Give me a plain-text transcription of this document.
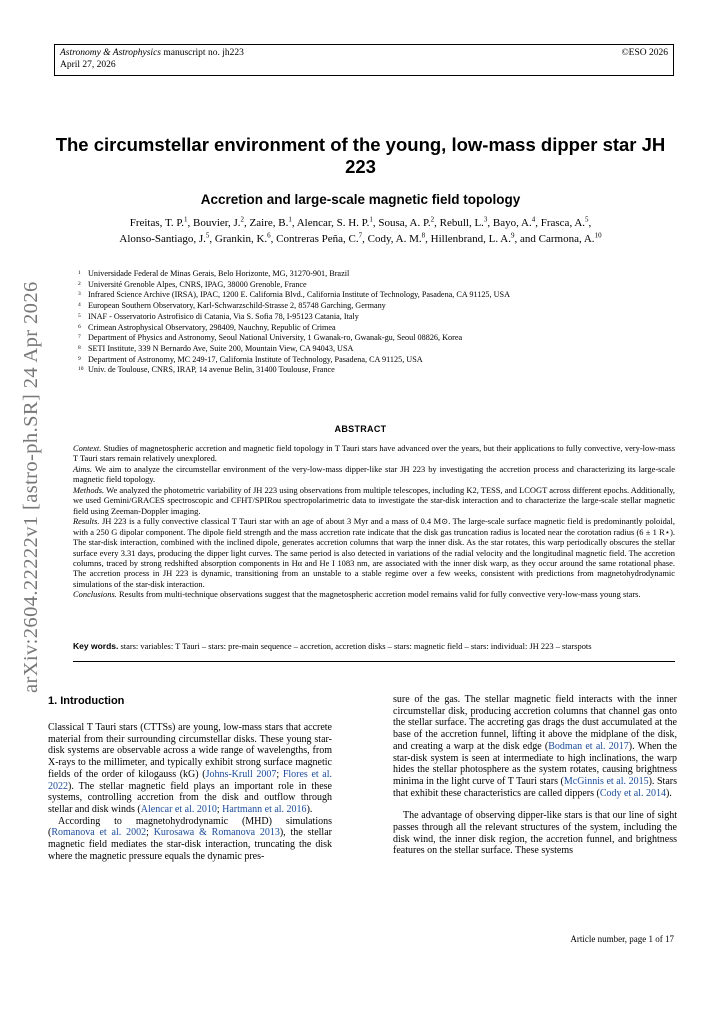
Astronomy & Astrophysics manuscript no. jh223
April 27, 2026
©ESO 2026
arXiv:2604.22222v1 [astro-ph.SR] 24 Apr 2026
The circumstellar environment of the young, low-mass dipper star JH 223
Accretion and large-scale magnetic field topology
Freitas, T. P.$^1$, Bouvier, J.$^2$, Zaire, B.$^1$, Alencar, S. H. P.$^1$, Sousa, A. P.$^2$, Rebull, L.$^3$, Bayo, A.$^4$, Frasca, A.$^5$,
Alonso-Santiago, J.$^5$, Grankin, K.$^6$, Contreras Peña, C.$^7$, Cody, A. M.$^8$, Hillenbrand, L. A.$^9$, and Carmona, A.$^{10}$
1 Universidade Federal de Minas Gerais, Belo Horizonte, MG, 31270-901, Brazil
2 Université Grenoble Alpes, CNRS, IPAG, 38000 Grenoble, France
3 Infrared Science Archive (IRSA), IPAC, 1200 E. California Blvd., California Institute of Technology, Pasadena, CA 91125, USA
4 European Southern Observatory, Karl-Schwarzschild-Strasse 2, 85748 Garching, Germany
5 INAF - Osservatorio Astrofisico di Catania, Via S. Sofia 78, I-95123 Catania, Italy
6 Crimean Astrophysical Observatory, 298409, Nauchny, Republic of Crimea
7 Department of Physics and Astronomy, Seoul National University, 1 Gwanak-ro, Gwanak-gu, Seoul 08826, Korea
8 SETI Institute, 339 N Bernardo Ave, Suite 200, Mountain View, CA 94043, USA
9 Department of Astronomy, MC 249-17, California Institute of Technology, Pasadena, CA 91125, USA
10 Univ. de Toulouse, CNRS, IRAP, 14 avenue Belin, 31400 Toulouse, France
ABSTRACT

Context. Studies of magnetospheric accretion and magnetic field topology in T Tauri stars have advanced over the years, but their applications to fully convective, very-low-mass T Tauri stars remain relatively unexplored.

Aims. We aim to analyze the circumstellar environment of the very-low-mass dipper-like star JH 223 by investigating the accretion process and characterizing its large-scale magnetic field topology.

Methods. We analyzed the photometric variability of JH 223 using observations from multiple telescopes, including K2, TESS, and LCOGT across different epochs. Additionally, we used Gemini/GRACES spectroscopic and CFHT/SPIRou spectropolarimetric data to investigate the star-disk interaction and to characterize the large-scale stellar magnetic field using Zeeman-Doppler imaging.

Results. JH 223 is a fully convective classical T Tauri star with an age of about 3 Myr and a mass of 0.4 M⊙. The large-scale surface magnetic field is predominantly poloidal, with a 250 G dipolar component. The dipole field strength and the mass accretion rate indicate that the disk gas truncation radius is located near the corotation radius (6 ± 1 R⋆). The star-disk interaction, combined with the inclined dipole, generates accretion columns that warp the inner disk. As the star rotates, this warp periodically obscures the stellar surface every 3.31 days, producing the dipper light curves. The same period is also detected in variations of the radial velocity and the longitudinal magnetic field. The accretion columns, traced by strong redshifted absorption components in Hα and He I 1083 nm, are associated with the inner disk warp, as they occur around the same rotational phase. The accretion process in JH 223 is dynamic, transitioning from an unstable to a stable regime over a few weeks, consistent with predictions from magnetohydrodynamic simulations of the star-disk interaction.

Conclusions. Results from multi-technique observations suggest that the magnetospheric accretion model remains valid for fully convective very-low-mass young stars.

Key words. stars: variables: T Tauri – stars: pre-main sequence – accretion, accretion disks – stars: magnetic field – stars: individual: JH 223 – starspots
1. Introduction

Classical T Tauri stars (CTTSs) are young, low-mass stars that accrete material from their surrounding circumstellar disks. These young star-disk systems are observable across a wide range of wavelengths, from X-rays to the millimeter, and typically exhibit strong surface magnetic fields of the order of kilogauss (kG) (Johns-Krull 2007; Flores et al. 2022). The stellar magnetic field plays an important role in these systems, controlling accretion from the disk and outflow through stellar and disk winds (Alencar et al. 2010; Hartmann et al. 2016).

According to magnetohydrodynamic (MHD) simulations (Romanova et al. 2002; Kurosawa & Romanova 2013), the stellar magnetic field mediates the star-disk interaction, truncating the disk where the magnetic pressure equals the dynamic pres-

sure of the gas. The stellar magnetic field interacts with the inner circumstellar disk, producing accretion columns that channel gas onto the stellar surface. The accreting gas drags the dust accumulated at the base of the accretion funnel, lifting it above the midplane of the disk, and creating a warp at the disk edge (Bodman et al. 2017). When the star-disk system is seen at intermediate to high inclinations, the warp hides the stellar photosphere as the system rotates, causing brightness minima in the light curve of T Tauri stars (McGinnis et al. 2015). Stars that exhibit these characteristics are called dippers (Cody et al. 2014).

The advantage of observing dipper-like stars is that our line of sight passes through all the relevant structures of the system, including the disk wind, the inner disk region, the accretion funnel, and brightness features on the stellar surface. These systems

Article number, page 1 of 17
